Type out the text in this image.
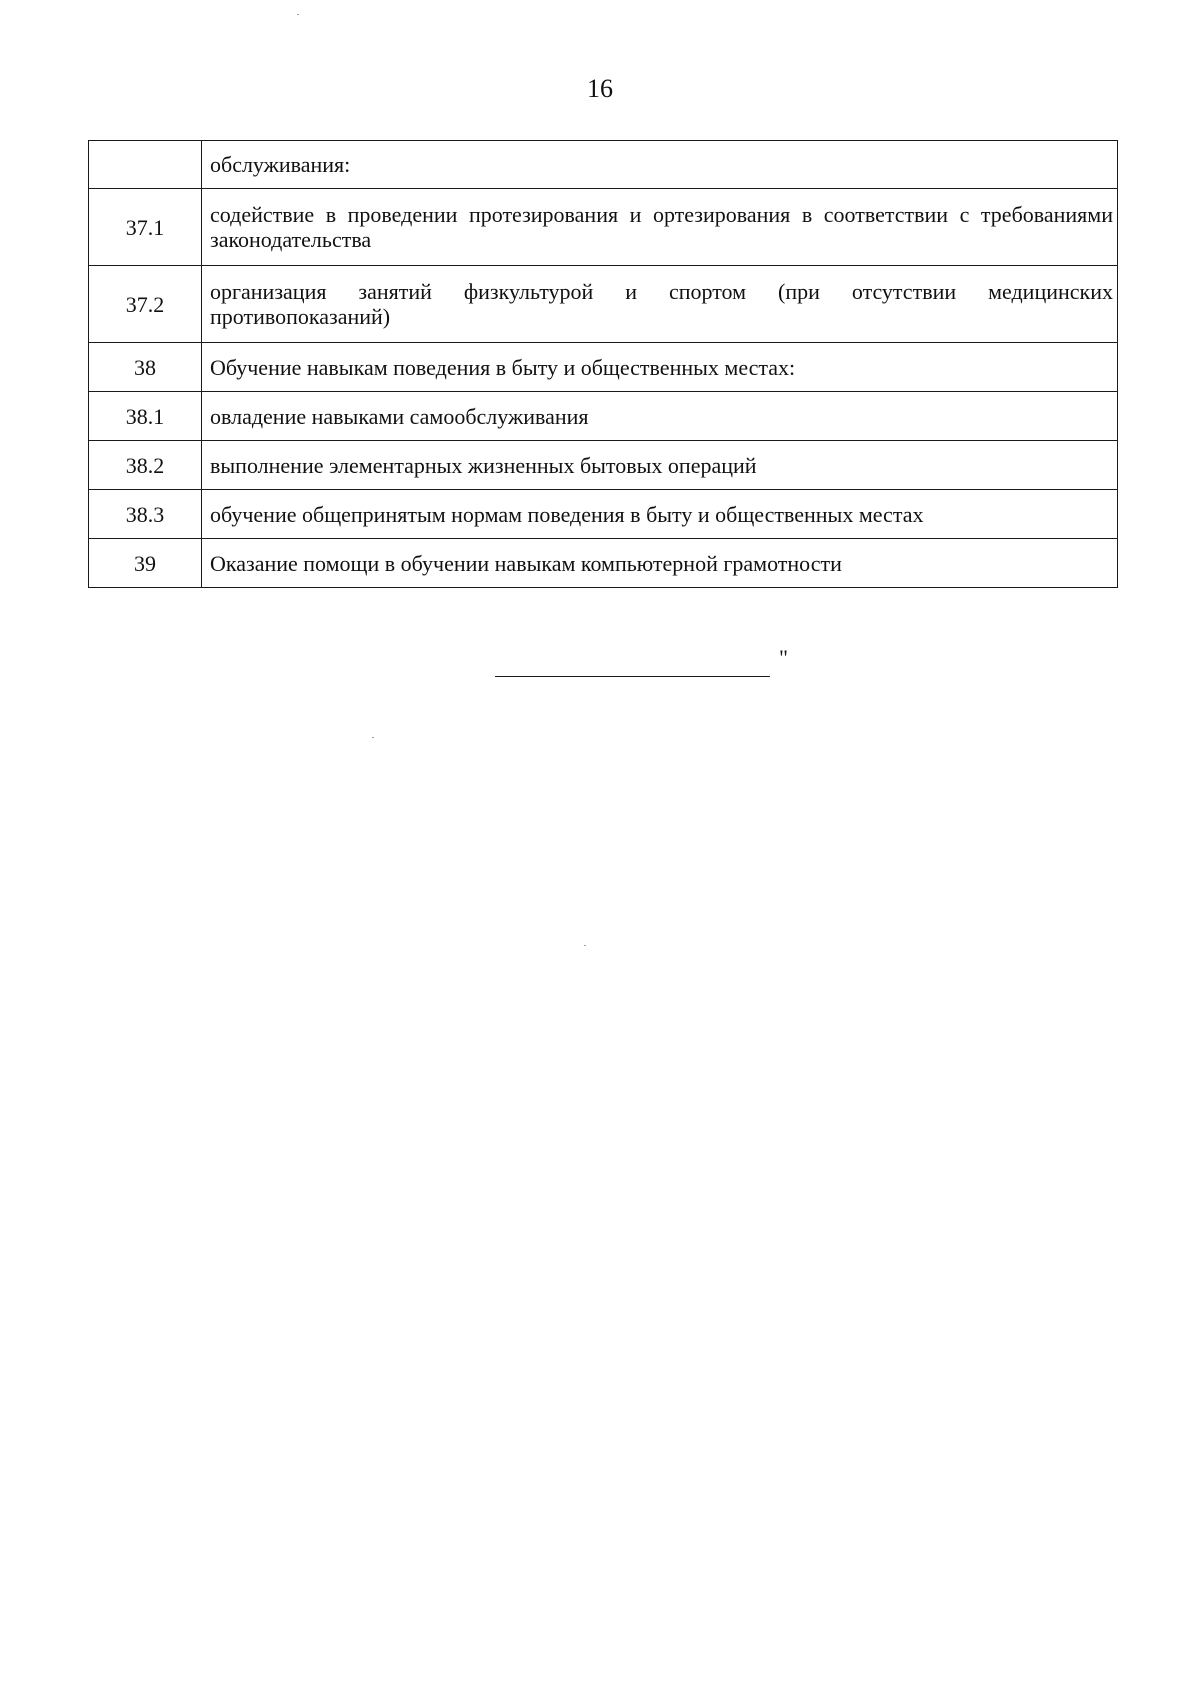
16
	обслуживания:
37.1	содействие в проведении протезирования и ортезирования в соответствии с требованиями законодательства
37.2	организация занятий физкультурой и спортом (при отсутствии медицинских противопоказаний)
38	Обучение навыкам поведения в быту и общественных местах:
38.1	овладение навыками самообслуживания
38.2	выполнение элементарных жизненных бытовых операций
38.3	обучение общепринятым нормам поведения в быту и общественных местах
39	Оказание помощи в обучении навыкам компьютерной грамотности
"
